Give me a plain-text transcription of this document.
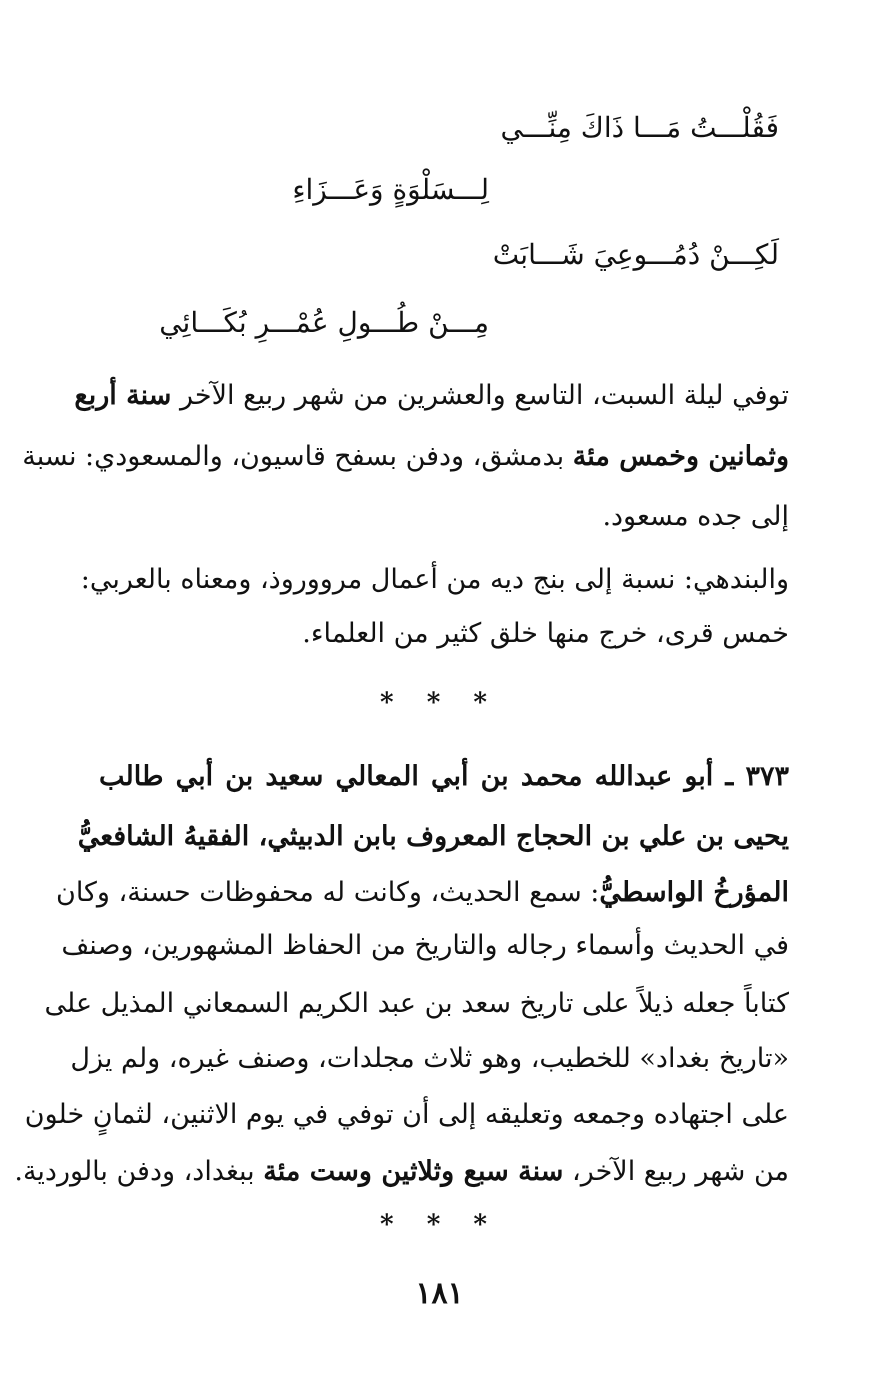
فَقُلْـــتُ مَـــا ذَاكَ مِنِّـــي
لِـــسَلْوَةٍ وَعَـــزَاءِ
لَكِـــنْ دُمُـــوعِيَ شَـــابَتْ
مِـــنْ طُـــولِ عُمْـــرِ بُكَـــائِي
توفي ليلة السبت، التاسع والعشرين من شهر ربيع الآخر سنة أربع
وثمانين وخمس مئة بدمشق، ودفن بسفح قاسيون، والمسعودي: نسبة
إلى جده مسعود.
والبندهي: نسبة إلى بنج ديه من أعمال مرووروذ، ومعناه بالعربي:
خمس قرى، خرج منها خلق كثير من العلماء.
* * *
٣٧٣ ـ أبو عبدالله محمد بن أبي المعالي سعيد بن أبي طالب
يحيى بن علي بن الحجاج المعروف بابن الدبيثي، الفقيهُ الشافعيُّ
المؤرخُ الواسطيُّ: سمع الحديث، وكانت له محفوظات حسنة، وكان
في الحديث وأسماء رجاله والتاريخ من الحفاظ المشهورين، وصنف
كتاباً جعله ذيلاً على تاريخ سعد بن عبد الكريم السمعاني المذيل على
«تاريخ بغداد» للخطيب، وهو ثلاث مجلدات، وصنف غيره، ولم يزل
على اجتهاده وجمعه وتعليقه إلى أن توفي في يوم الاثنين، لثمانٍ خلون
من شهر ربيع الآخر، سنة سبع وثلاثين وست مئة ببغداد، ودفن بالوردية.
* * *
١٨١
